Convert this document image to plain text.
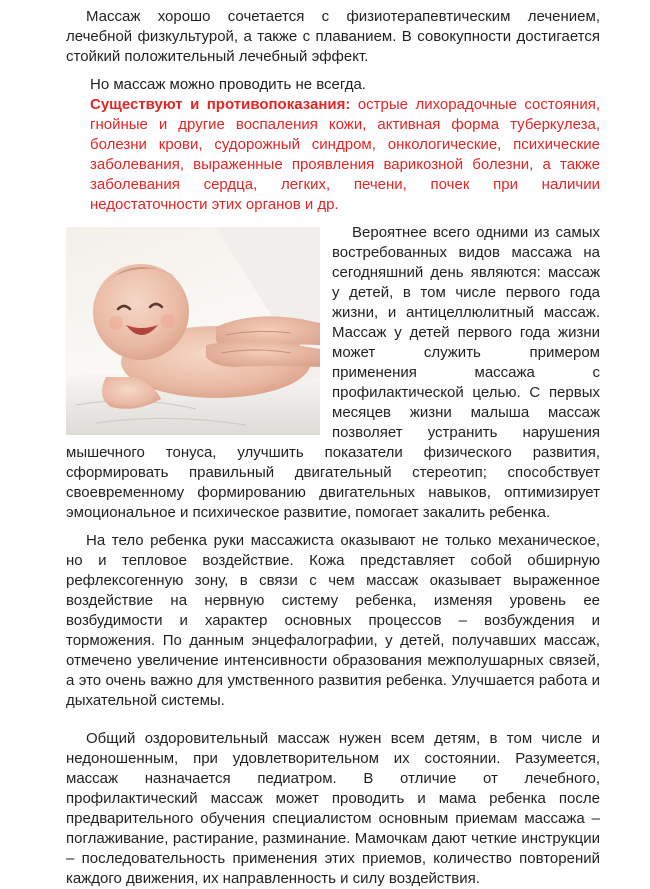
Массаж хорошо сочетается с физиотерапевтическим лечением, лечебной физкультурой, а также с плаванием. В совокупности достигается стойкий положительный лечебный эффект.

Но массаж можно проводить не всегда.

Существуют и противопоказания: острые лихорадочные состояния, гнойные и другие воспаления кожи, активная форма туберкулеза, болезни крови, судорожный синдром, онкологические, психические заболевания, выраженные проявления варикозной болезни, а также заболевания сердца, легких, печени, почек при наличии недостаточности этих органов и др.

Вероятнее всего одними из самых востребованных видов массажа на сегодняшний день являются: массаж у детей, в том числе первого года жизни, и антицеллюлитный массаж. Массаж у детей первого года жизни может служить примером применения массажа с профилактической целью. С первых месяцев жизни малыша массаж позволяет устранить нарушения мышечного тонуса, улучшить показатели физического развития, сформировать правильный двигательный стереотип; способствует своевременному формированию двигательных навыков, оптимизирует эмоциональное и психическое развитие, помогает закалить ребенка.

На тело ребенка руки массажиста оказывают не только механическое, но и тепловое воздействие. Кожа представляет собой обширную рефлексогенную зону, в связи с чем массаж оказывает выраженное воздействие на нервную систему ребенка, изменяя уровень ее возбудимости и характер основных процессов – возбуждения и торможения. По данным энцефалографии, у детей, получавших массаж, отмечено увеличение интенсивности образования межполушарных связей, а это очень важно для умственного развития ребенка. Улучшается работа и дыхательной системы.

Общий оздоровительный массаж нужен всем детям, в том числе и недоношенным, при удовлетворительном их состоянии. Разумеется, массаж назначается педиатром. В отличие от лечебного, профилактический массаж может проводить и мама ребенка после предварительного обучения специалистом основным приемам массажа – поглаживание, растирание, разминание. Мамочкам дают четкие инструкции – последовательность применения этих приемов, количество повторений каждого движения, их направленность и силу воздействия.
